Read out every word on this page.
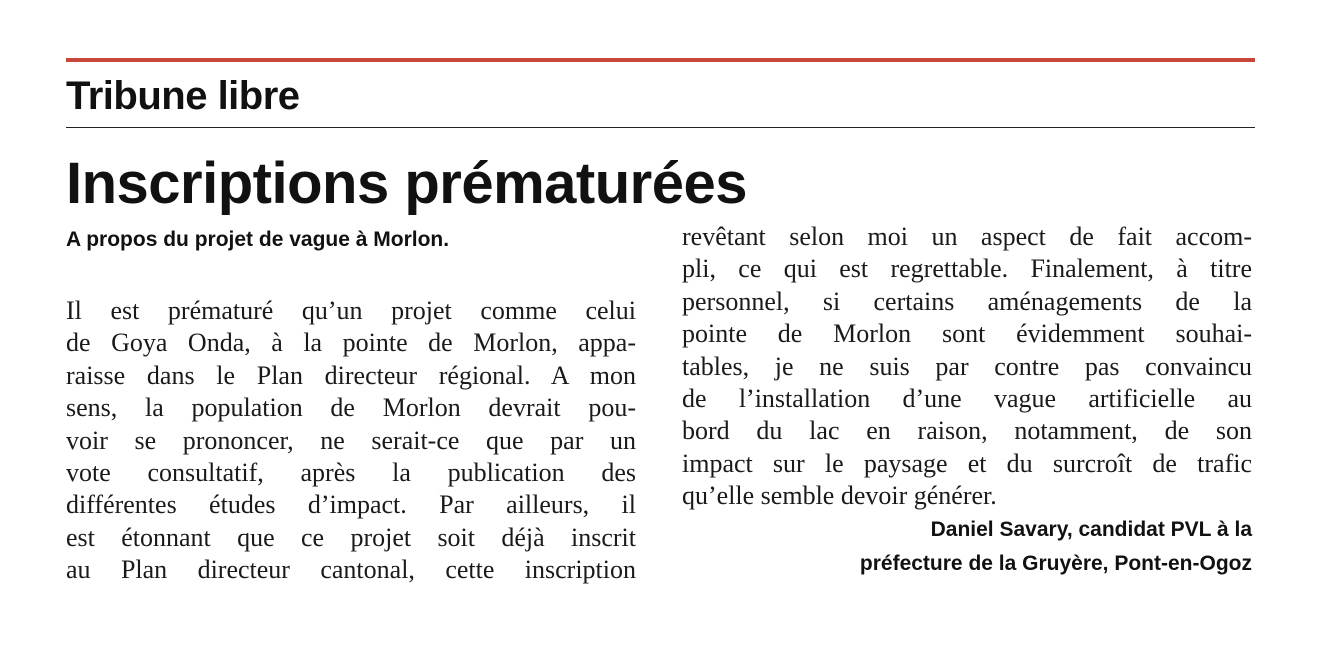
Tribune libre
Inscriptions prématurées
A propos du projet de vague à Morlon.
Il est prématuré qu’un projet comme celui
de Goya Onda, à la pointe de Morlon, appa-
raisse dans le Plan directeur régional. A mon
sens, la population de Morlon devrait pou-
voir se prononcer, ne serait-ce que par un
vote consultatif, après la publication des
différentes études d’impact. Par ailleurs, il
est étonnant que ce projet soit déjà inscrit
au Plan directeur cantonal, cette inscription
revêtant selon moi un aspect de fait accom-
pli, ce qui est regrettable. Finalement, à titre
personnel, si certains aménagements de la
pointe de Morlon sont évidemment souhai-
tables, je ne suis par contre pas convaincu
de l’installation d’une vague artificielle au
bord du lac en raison, notamment, de son
impact sur le paysage et du surcroît de trafic
qu’elle semble devoir générer.
Daniel Savary, candidat PVL à la
préfecture de la Gruyère, Pont-en-Ogoz
